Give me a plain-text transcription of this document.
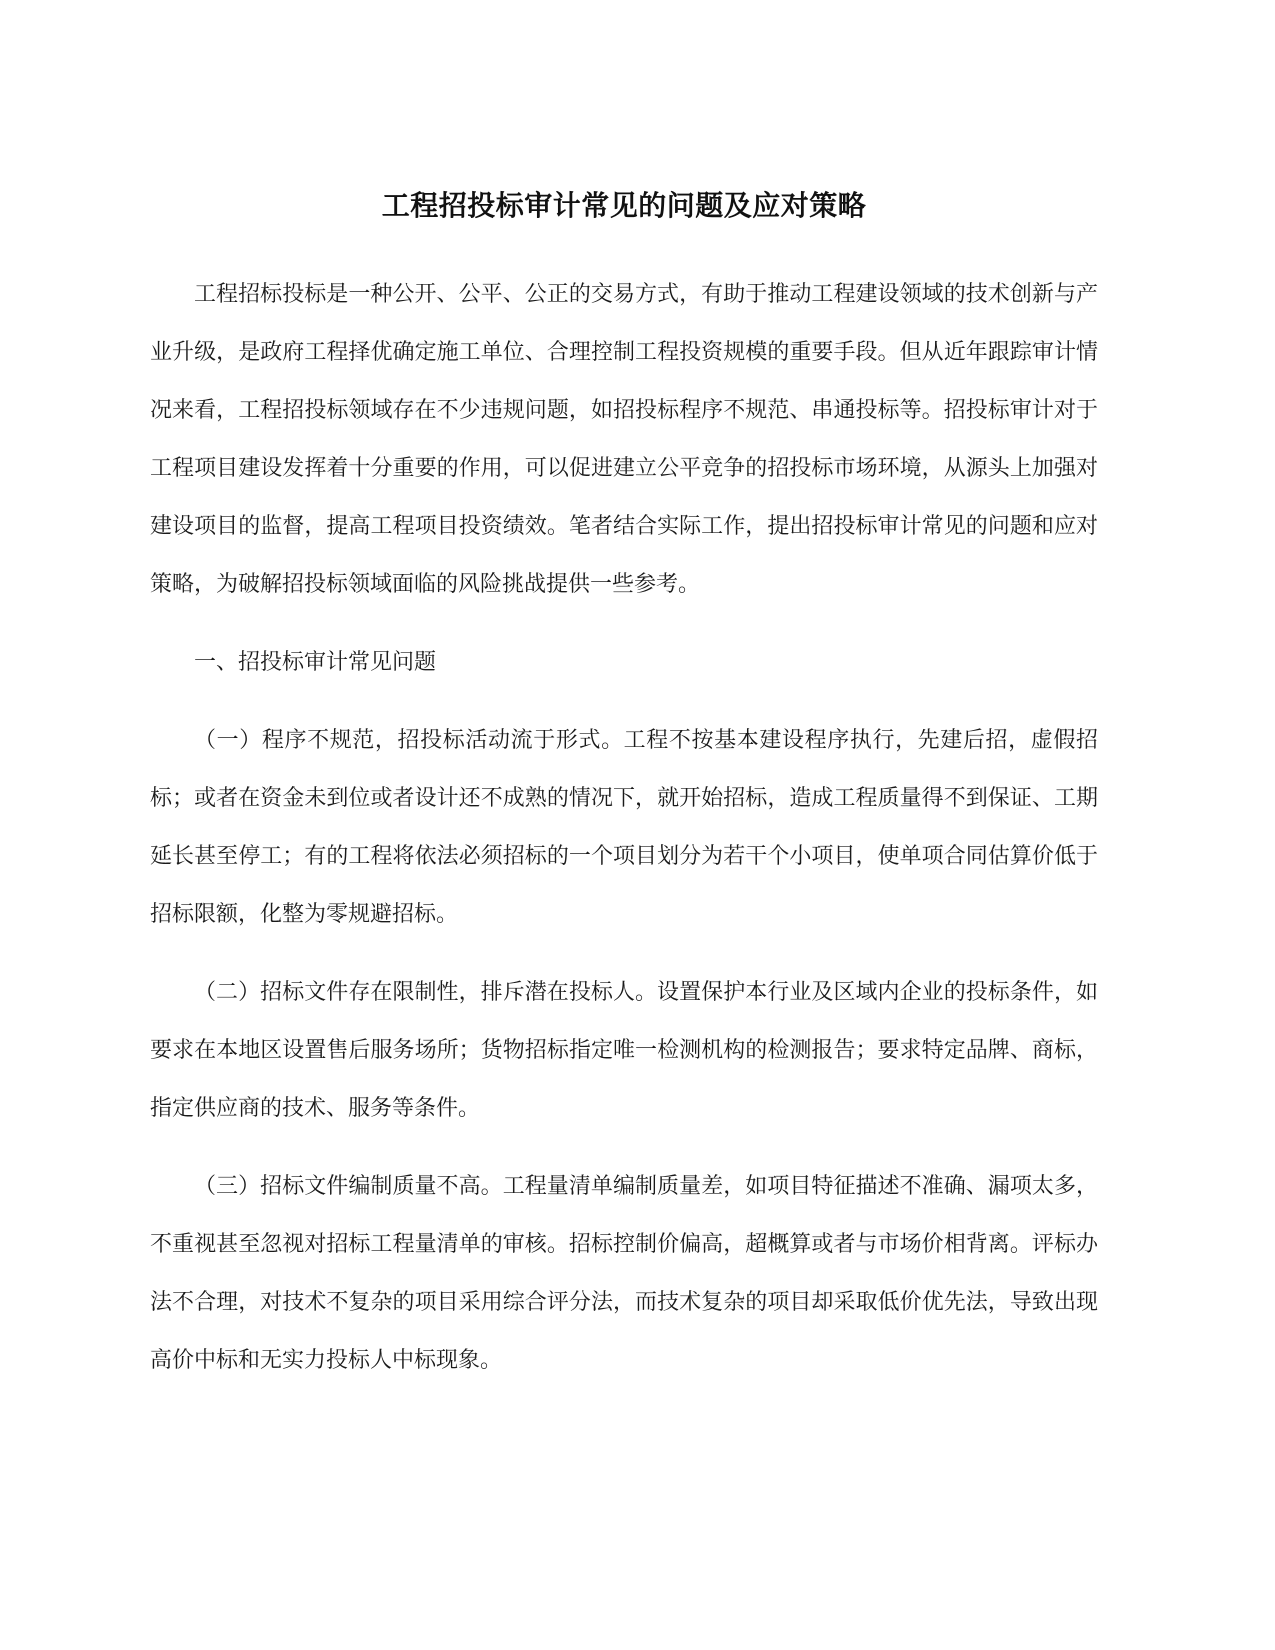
工程招投标审计常见的问题及应对策略

工程招标投标是一种公开、公平、公正的交易方式，有助于推动工程建设领域的技术创新与产业升级，是政府工程择优确定施工单位、合理控制工程投资规模的重要手段。但从近年跟踪审计情况来看，工程招投标领域存在不少违规问题，如招投标程序不规范、串通投标等。招投标审计对于工程项目建设发挥着十分重要的作用，可以促进建立公平竞争的招投标市场环境，从源头上加强对建设项目的监督，提高工程项目投资绩效。笔者结合实际工作，提出招投标审计常见的问题和应对策略，为破解招投标领域面临的风险挑战提供一些参考。

一、招投标审计常见问题

（一）程序不规范，招投标活动流于形式。工程不按基本建设程序执行，先建后招，虚假招标；或者在资金未到位或者设计还不成熟的情况下，就开始招标，造成工程质量得不到保证、工期延长甚至停工；有的工程将依法必须招标的一个项目划分为若干个小项目，使单项合同估算价低于招标限额，化整为零规避招标。

（二）招标文件存在限制性，排斥潜在投标人。设置保护本行业及区域内企业的投标条件，如要求在本地区设置售后服务场所；货物招标指定唯一检测机构的检测报告；要求特定品牌、商标，指定供应商的技术、服务等条件。

（三）招标文件编制质量不高。工程量清单编制质量差，如项目特征描述不准确、漏项太多，不重视甚至忽视对招标工程量清单的审核。招标控制价偏高，超概算或者与市场价相背离。评标办法不合理，对技术不复杂的项目采用综合评分法，而技术复杂的项目却采取低价优先法，导致出现高价中标和无实力投标人中标现象。
